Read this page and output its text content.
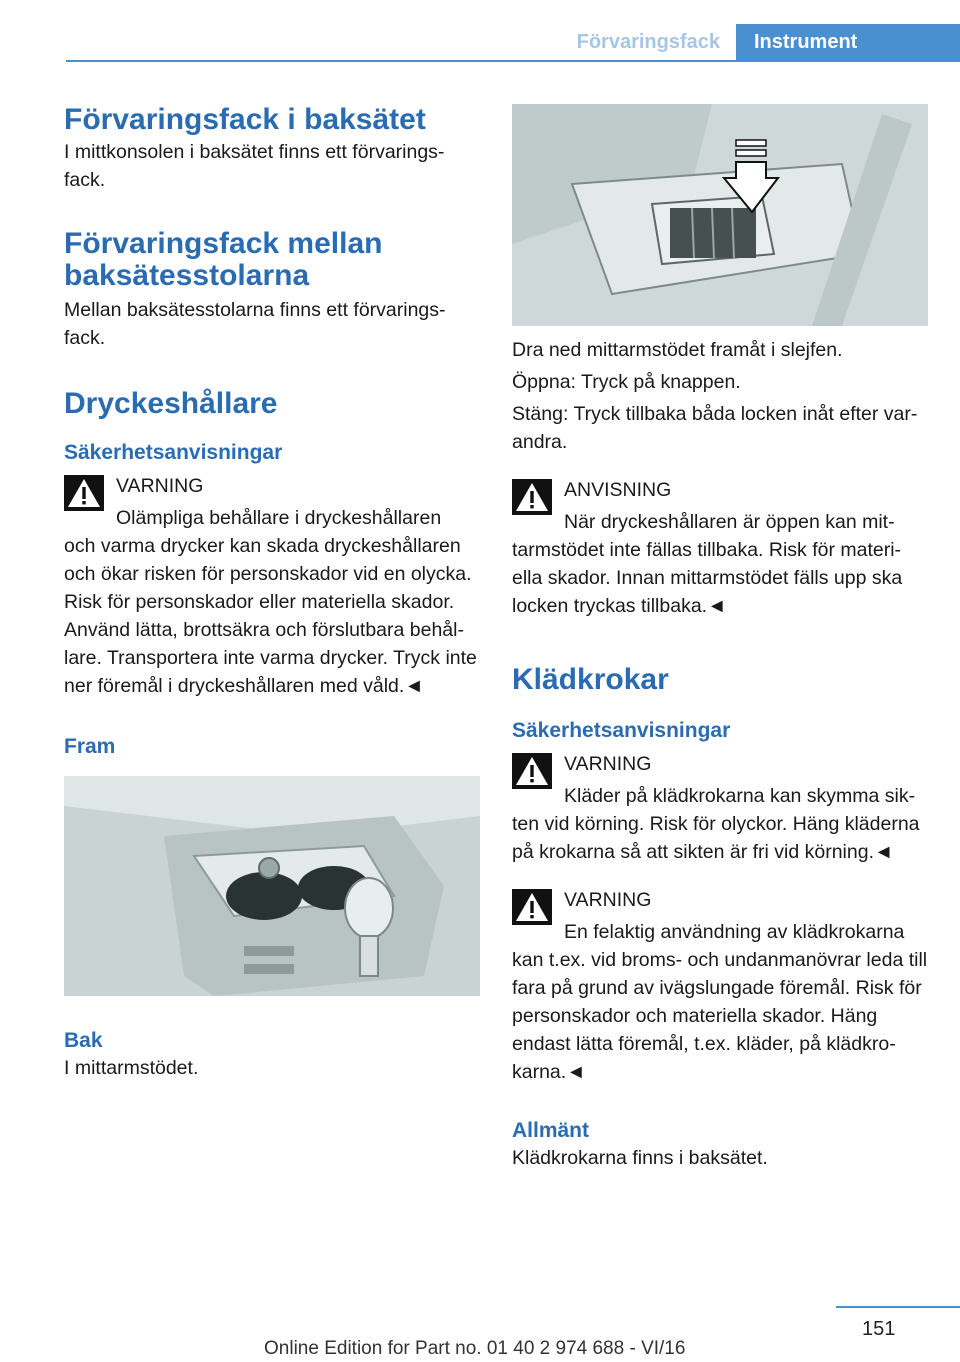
Förvaringsfack	Instrument
Förvaringsfack i baksätet

I mittkonsolen i baksätet finns ett förvarings-fack.

Förvaringsfack mellan baksätesstolarna

Mellan baksätesstolarna finns ett förvarings-fack.

Dryckeshållare
Säkerhetsanvisningar
VARNING

Olämpliga behållare i dryckeshållaren

och varma drycker kan skada dryckeshållaren och ökar risken för personskador vid en olycka. Risk för personskador eller materiella skador. Använd lätta, brottsäkra och förslutbara behål-lare. Transportera inte varma drycker. Tryck inte ner föremål i dryckeshållaren med våld.◄

Fram
Bak

I mittarmstödet.

Dra ned mittarmstödet framåt i slejfen.

Öppna: Tryck på knappen.

Stäng: Tryck tillbaka båda locken inåt efter var-andra.

ANVISNING

När dryckeshållaren är öppen kan mit-

tarmstödet inte fällas tillbaka. Risk för materi-ella skador. Innan mittarmstödet fälls upp ska locken tryckas tillbaka.◄

Klädkrokar
Säkerhetsanvisningar
VARNING

Kläder på klädkrokarna kan skymma sik-

ten vid körning. Risk för olyckor. Häng kläderna på krokarna så att sikten är fri vid körning.◄

VARNING

En felaktig användning av klädkrokarna

kan t.ex. vid broms- och undanmanövrar leda till fara på grund av ivägslungade föremål. Risk för personskador och materiella skador. Häng endast lätta föremål, t.ex. kläder, på klädkro-karna.◄

Allmänt

Klädkrokarna finns i baksätet.

151
Online Edition for Part no. 01 40 2 974 688 - VI/16
